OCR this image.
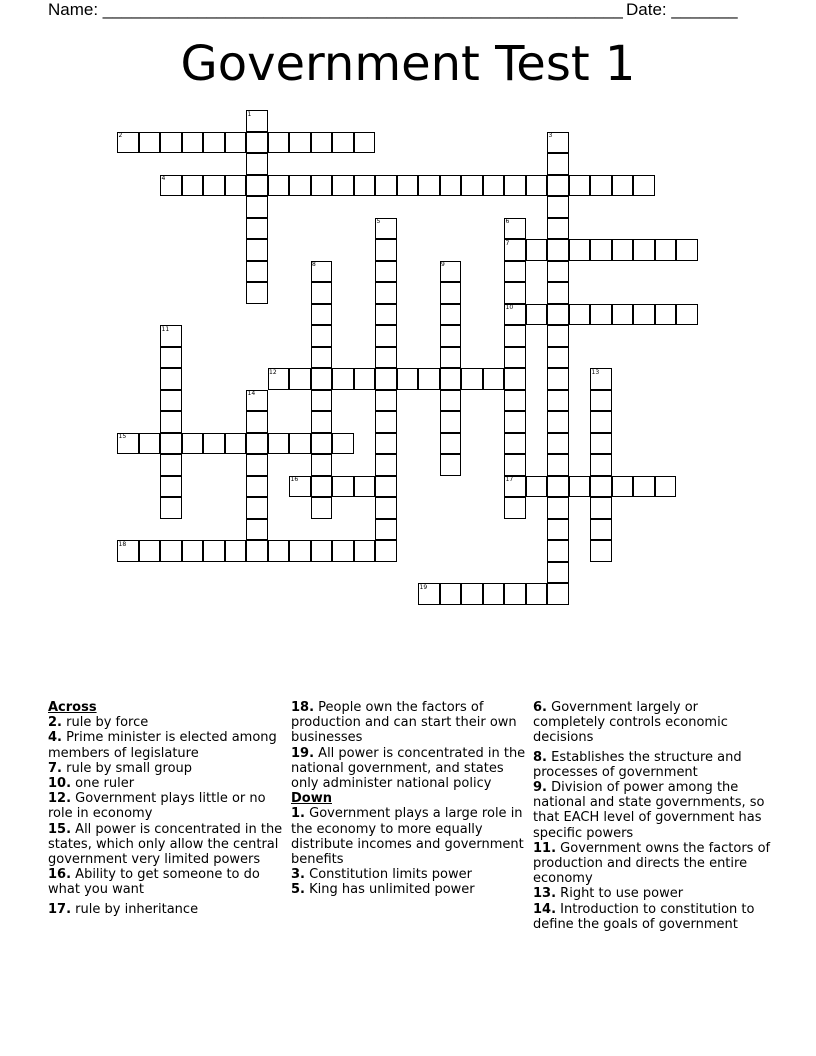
Name: _______________________________________________________ Date: _______
Government Test 1
1
2	3
4
5	6
7
8	9
10
11
12	13
14
15
16	17
18
19

Across

2. rule by force

4. Prime minister is elected among members of legislature

7. rule by small group

10. one ruler

12. Government plays little or no role in economy

15. All power is concentrated in the states, which only allow the central government very limited powers

16. Ability to get someone to do what you want

17. rule by inheritance

18. People own the factors of production and can start their own businesses

19. All power is concentrated in the national government, and states only administer national policy

Down

1. Government plays a large role in the economy to more equally distribute incomes and government benefits

3. Constitution limits power

5. King has unlimited power

6. Government largely or completely controls economic decisions

8. Establishes the structure and processes of government

9. Division of power among the national and state governments, so that EACH level of government has specific powers

11. Government owns the factors of production and directs the entire economy

13. Right to use power

14. Introduction to constitution to define the goals of government
